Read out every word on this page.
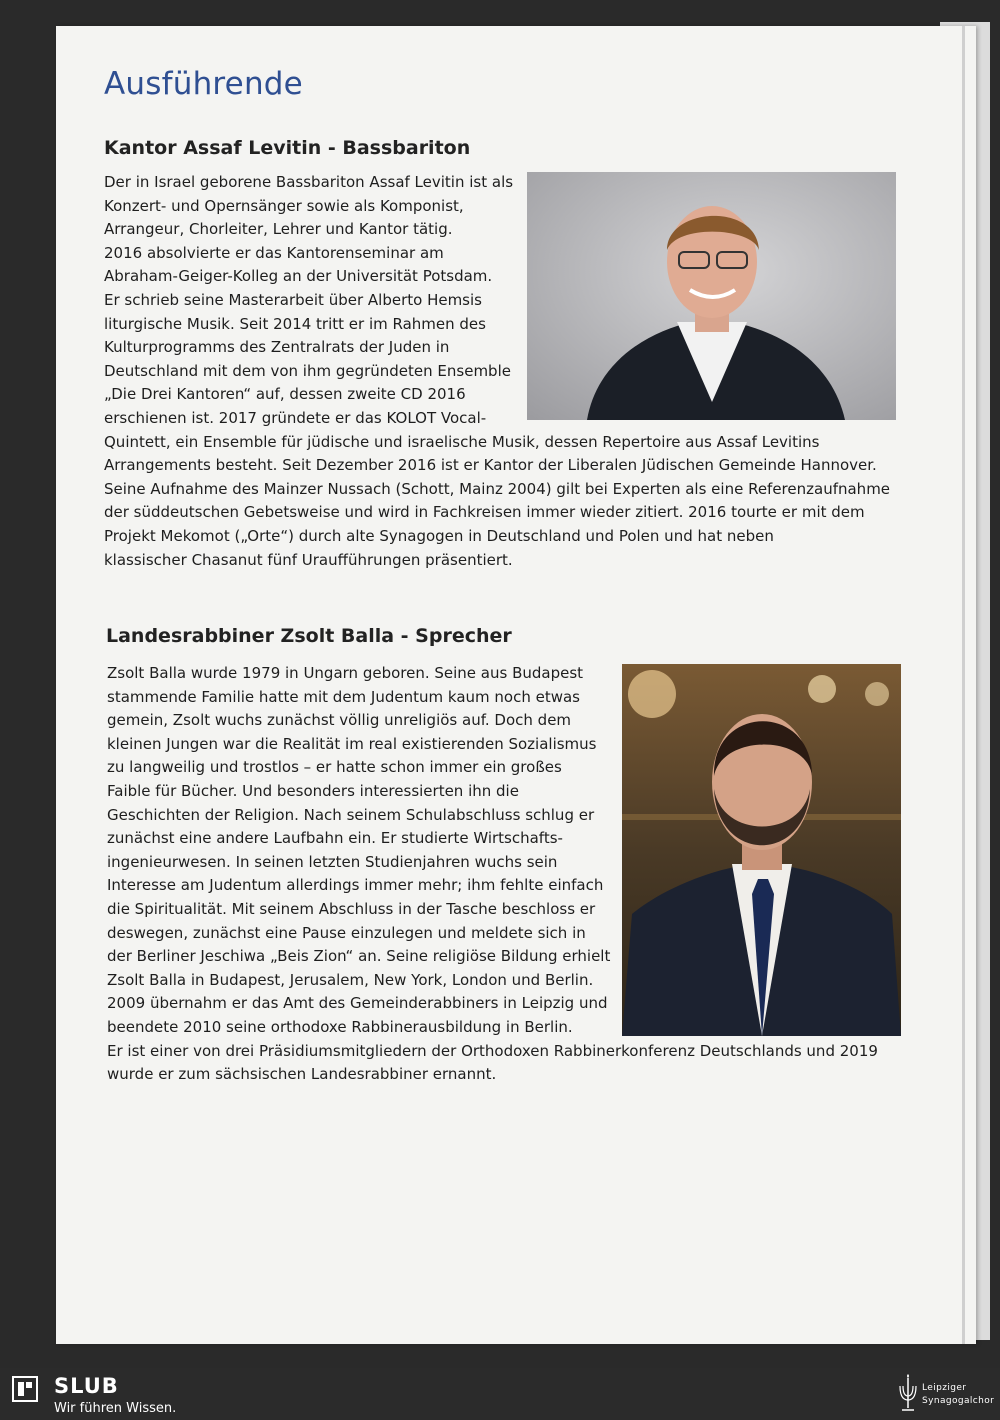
Ausführende
Kantor Assaf Levitin - Bassbariton
Der in Israel geborene Bassbariton Assaf Levitin ist als
Konzert- und Opernsänger sowie als Komponist,
Arrangeur, Chorleiter, Lehrer und Kantor tätig.
2016 absolvierte er das Kantorenseminar am
Abraham-Geiger-Kolleg an der Universität Potsdam.
Er schrieb seine Masterarbeit über Alberto Hemsis
liturgische Musik. Seit 2014 tritt er im Rahmen des
Kulturprogramms des Zentralrats der Juden in
Deutschland mit dem von ihm gegründeten Ensemble
„Die Drei Kantoren“ auf, dessen zweite CD 2016
erschienen ist. 2017 gründete er das KOLOT Vocal-
Quintett, ein Ensemble für jüdische und israelische Musik, dessen Repertoire aus Assaf Levitins
Arrangements besteht. Seit Dezember 2016 ist er Kantor der Liberalen Jüdischen Gemeinde Hannover.
Seine Aufnahme des Mainzer Nussach (Schott, Mainz 2004) gilt bei Experten als eine Referenzaufnahme
der süddeutschen Gebetsweise und wird in Fachkreisen immer wieder zitiert. 2016 tourte er mit dem
Projekt Mekomot („Orte“) durch alte Synagogen in Deutschland und Polen und hat neben
klassischer Chasanut fünf Uraufführungen präsentiert.
Landesrabbiner Zsolt Balla - Sprecher
Zsolt Balla wurde 1979 in Ungarn geboren. Seine aus Budapest
stammende Familie hatte mit dem Judentum kaum noch etwas
gemein, Zsolt wuchs zunächst völlig unreligiös auf. Doch dem
kleinen Jungen war die Realität im real existierenden Sozialismus
zu langweilig und trostlos – er hatte schon immer ein großes
Faible für Bücher. Und besonders interessierten ihn die
Geschichten der Religion. Nach seinem Schulabschluss schlug er
zunächst eine andere Laufbahn ein. Er studierte Wirtschafts-
ingenieurwesen. In seinen letzten Studienjahren wuchs sein
Interesse am Judentum allerdings immer mehr; ihm fehlte einfach
die Spiritualität. Mit seinem Abschluss in der Tasche beschloss er
deswegen, zunächst eine Pause einzulegen und meldete sich in
der Berliner Jeschiwa „Beis Zion“ an. Seine religiöse Bildung erhielt
Zsolt Balla in Budapest, Jerusalem, New York, London und Berlin.
2009 übernahm er das Amt des Gemeinderabbiners in Leipzig und
beendete 2010 seine orthodoxe Rabbinerausbildung in Berlin.
Er ist einer von drei Präsidiumsmitgliedern der Orthodoxen Rabbinerkonferenz Deutschlands und 2019
wurde er zum sächsischen Landesrabbiner ernannt.
SLUB
Wir führen Wissen.
Leipziger
Synagogalchor
